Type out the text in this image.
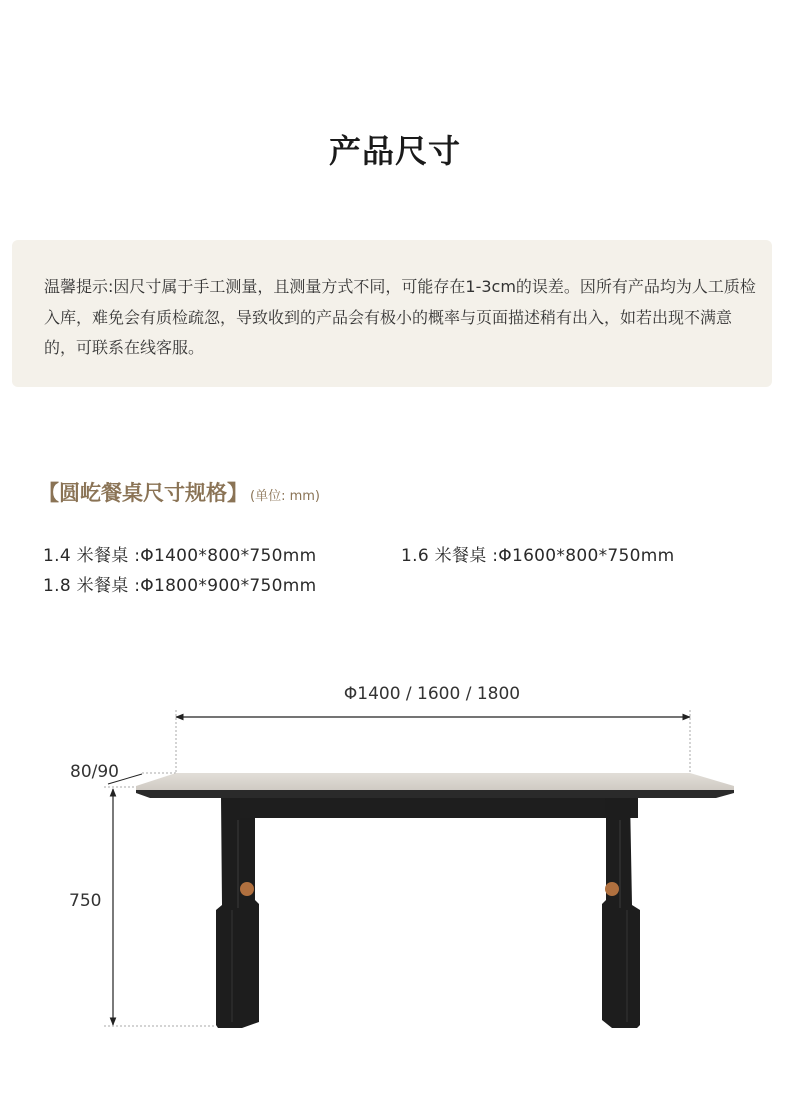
产品尺寸
温馨提示:因尺寸属于手工测量，且测量方式不同，可能存在1-3cm的误差。因所有产品均为人工质检入库，难免会有质检疏忽，导致收到的产品会有极小的概率与页面描述稍有出入，如若出现不满意的，可联系在线客服。
【圆屹餐桌尺寸规格】 (单位: mm)
1.4 米餐桌 :Φ1400*800*750mm	1.6 米餐桌 :Φ1600*800*750mm
1.8 米餐桌 :Φ1800*900*750mm
Φ1400 / 1600 / 1800
80/90
750
